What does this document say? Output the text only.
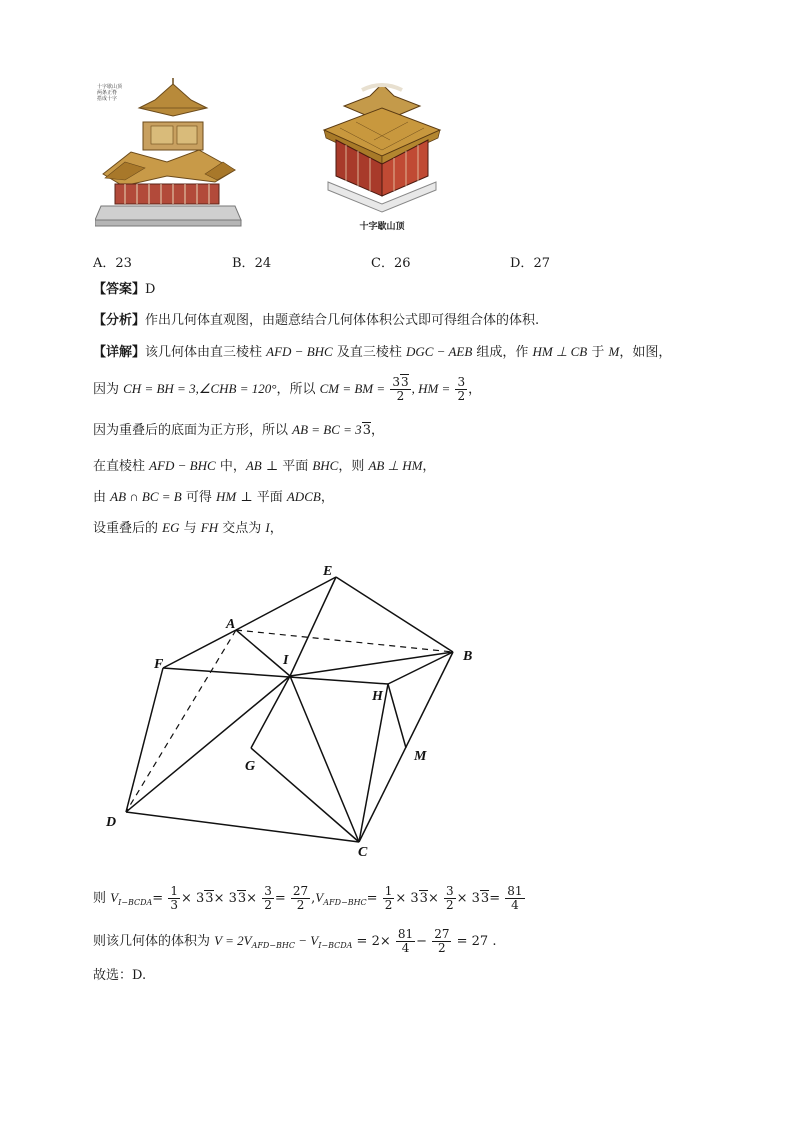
十字歇山顶
两条正脊
搭成十字
十字歇山顶
A．23	B．24	C．26	D．27
【答案】D
【分析】作出几何体直观图，由题意结合几何体体积公式即可得组合体的体积.
【详解】该几何体由直三棱柱 AFD − BHC 及直三棱柱 DGC − AEB 组成，作 HM ⊥ CB 于 M，如图，
因为 CH = BH = 3,∠CHB = 120°，所以 CM = BM = $\frac{33}{2}$ , HM = $\frac{3}{2}$ ，
因为重叠后的底面为正方形，所以 AB = BC = 33，
在直棱柱 AFD − BHC 中，AB ⊥ 平面 BHC，则 AB ⊥ HM，
由 AB ∩ BC = B 可得 HM ⊥ 平面 ADCB，
设重叠后的 EG 与 FH 交点为 I，
E
A
B
F	I
H
M
G
D
C
则 $V_{I-BCDA}= \frac{1}{3} \times 33\times 33\times \frac{3}{2} = \frac{27}{2} ,V_{AFD-BHC}= \frac{1}{2} \times 33\times \frac{3}{2} \times 33= \frac{81}{4}$
则该几何体的体积为 $V = 2V_{AFD-BHC} - V_{I-BCDA} = 2\times \frac{81}{4} - \frac{27}{2} = 27$ .
故选：D.
